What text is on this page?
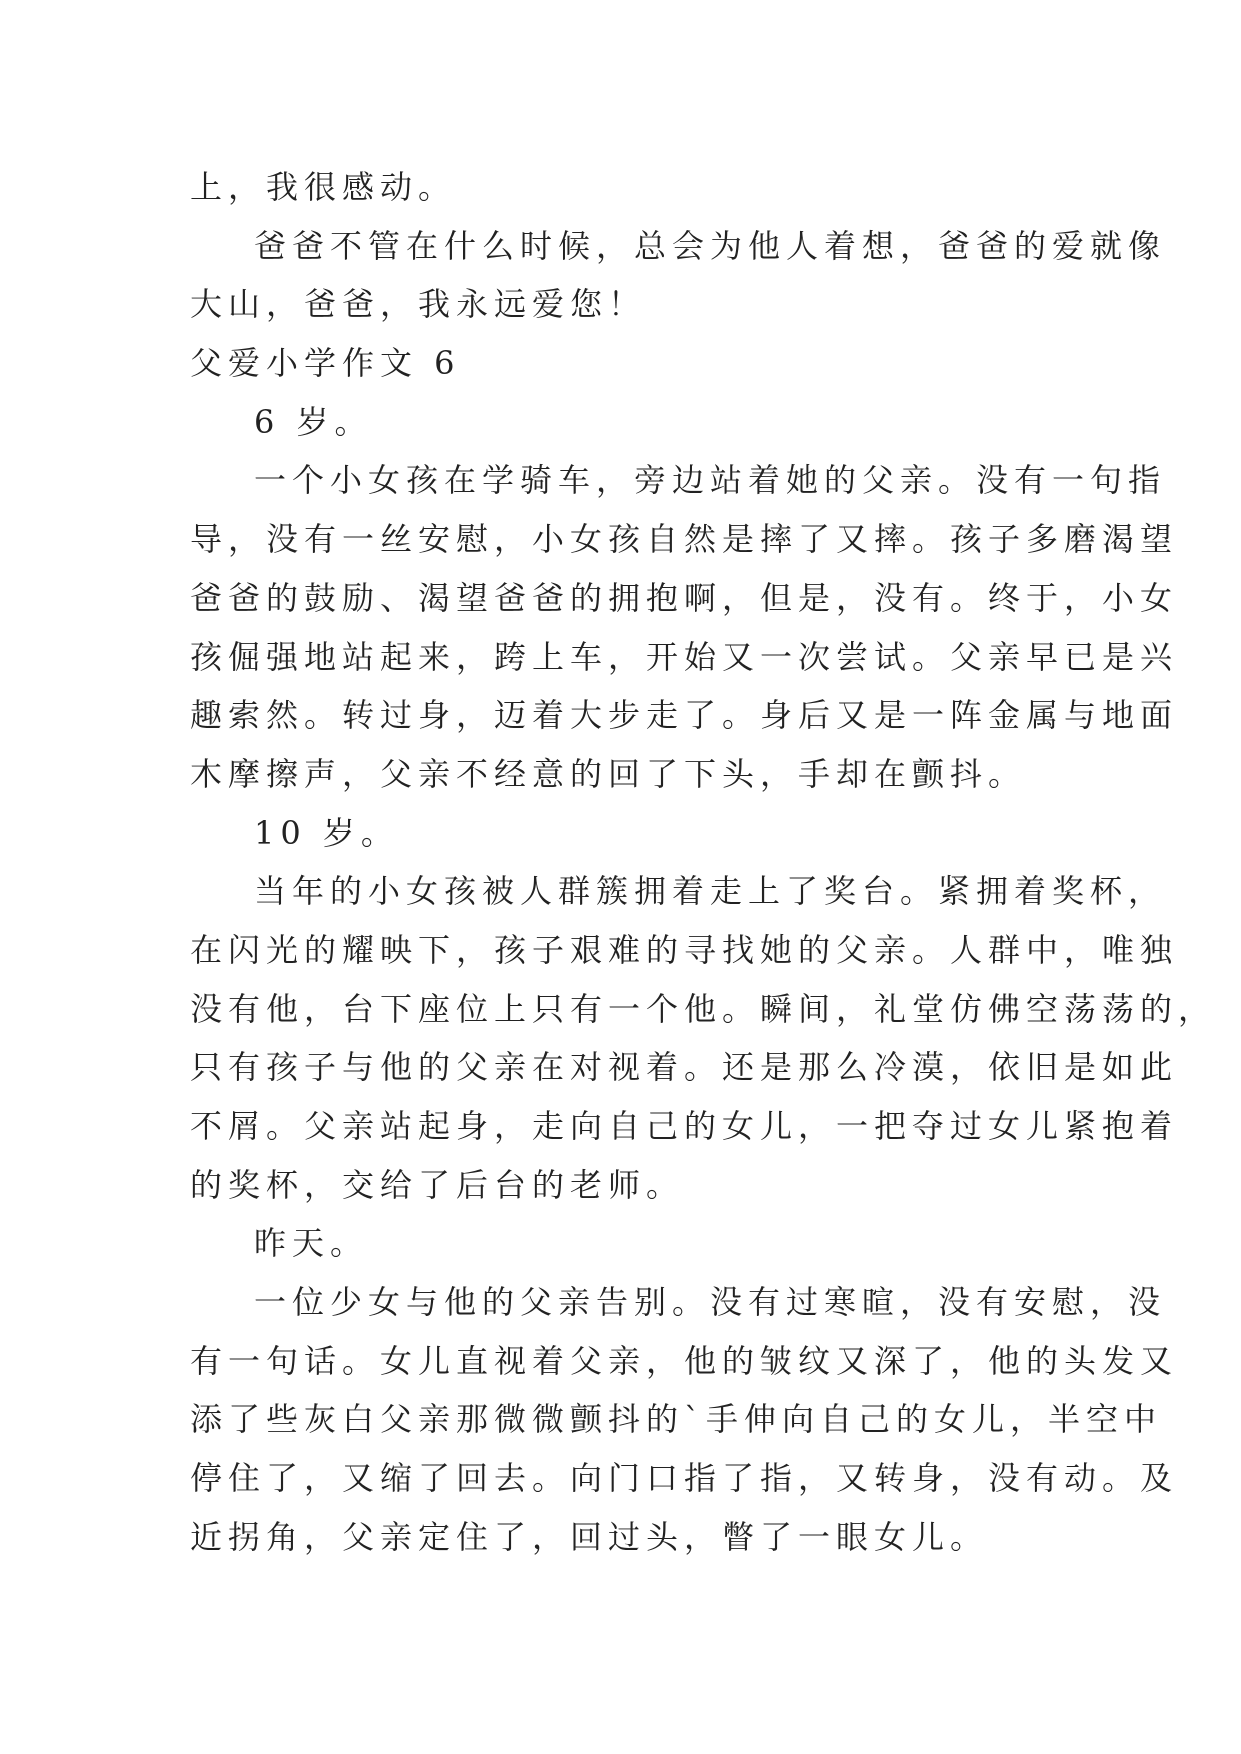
上，我很感动。
爸爸不管在什么时候，总会为他人着想，爸爸的爱就像
大山，爸爸，我永远爱您！
父爱小学作文 6
6 岁。
一个小女孩在学骑车，旁边站着她的父亲。没有一句指
导，没有一丝安慰，小女孩自然是摔了又摔。孩子多磨渴望
爸爸的鼓励、渴望爸爸的拥抱啊，但是，没有。终于，小女
孩倔强地站起来，跨上车，开始又一次尝试。父亲早已是兴
趣索然。转过身，迈着大步走了。身后又是一阵金属与地面
木摩擦声，父亲不经意的回了下头，手却在颤抖。
10 岁。
当年的小女孩被人群簇拥着走上了奖台。紧拥着奖杯，
在闪光的耀映下，孩子艰难的寻找她的父亲。人群中，唯独
没有他，台下座位上只有一个他。瞬间，礼堂仿佛空荡荡的，
只有孩子与他的父亲在对视着。还是那么冷漠，依旧是如此
不屑。父亲站起身，走向自己的女儿，一把夺过女儿紧抱着
的奖杯，交给了后台的老师。
昨天。
一位少女与他的父亲告别。没有过寒暄，没有安慰，没
有一句话。女儿直视着父亲，他的皱纹又深了，他的头发又
添了些灰白父亲那微微颤抖的`手伸向自己的女儿，半空中
停住了，又缩了回去。向门口指了指，又转身，没有动。及
近拐角，父亲定住了，回过头，瞥了一眼女儿。
